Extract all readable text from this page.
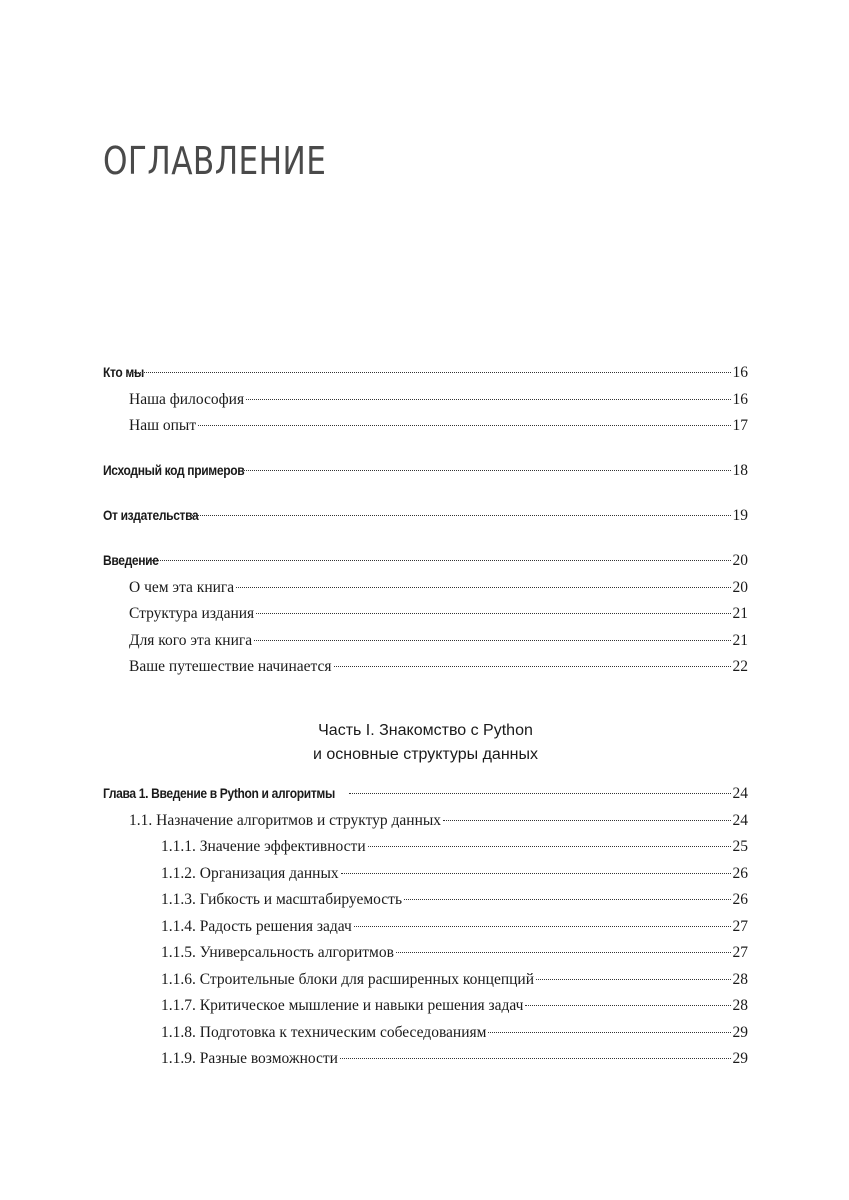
ОГЛАВЛЕНИЕ
Кто мы	16
Наша философия	16
Наш опыт	17
Исходный код примеров	18
От издательства	19
Введение	20
О чем эта книга	20
Структура издания	21
Для кого эта книга	21
Ваше путешествие начинается	22
Глава 1. Введение в Python и алгоритмы	24
1.1. Назначение алгоритмов и структур данных	24
1.1.1. Значение эффективности	25
1.1.2. Организация данных	26
1.1.3. Гибкость и масштабируемость	26
1.1.4. Радость решения задач	27
1.1.5. Универсальность алгоритмов	27
1.1.6. Строительные блоки для расширенных концепций	28
1.1.7. Критическое мышление и навыки решения задач	28
1.1.8. Подготовка к техническим собеседованиям	29
1.1.9. Разные возможности	29
Часть I. Знакомство с Python
и основные структуры данных
